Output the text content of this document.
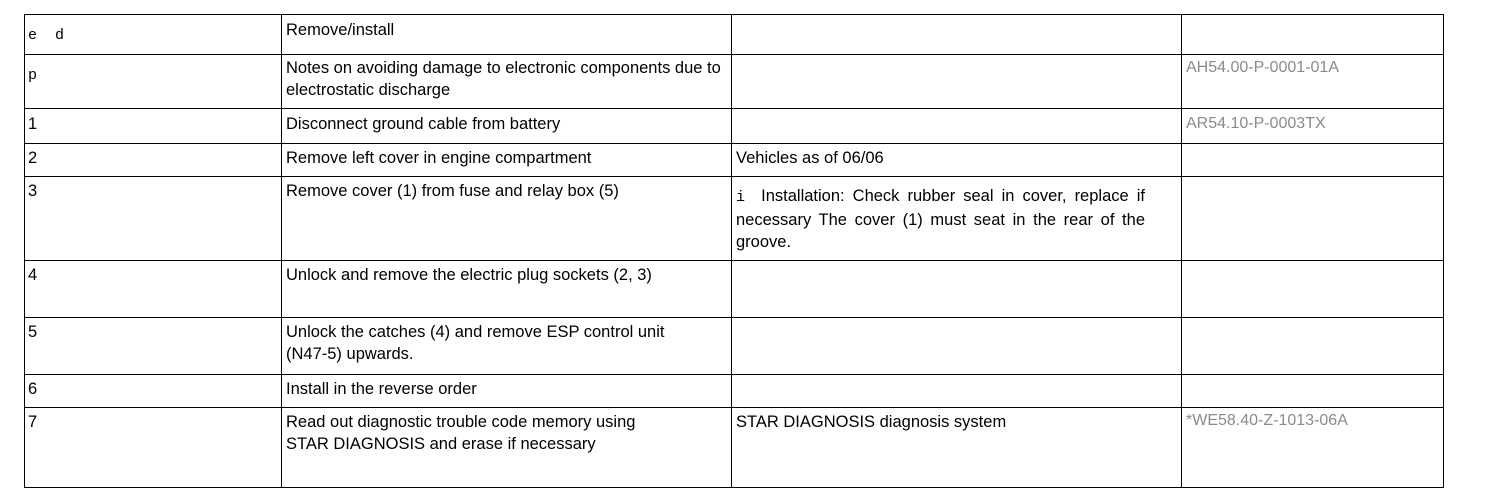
e  d	Remove/install		

p	Notes on avoiding damage to electronic components due to electrostatic discharge		AH54.00-P-0001-01A

1	Disconnect ground cable from battery		AR54.10-P-0003TX

2	Remove left cover in engine compartment	Vehicles as of 06/06	

3	Remove cover (1) from fuse and relay box (5)	i Installation: Check rubber seal in cover, replace if necessary The cover (1) must seat in the rear of the groove.	

4	Unlock and remove the electric plug sockets (2, 3)		

5	Unlock the catches (4) and remove ESP control unit (N47-5) upwards.		

6	Install in the reverse order		

7	Read out diagnostic trouble code memory using STAR DIAGNOSIS and erase if necessary	STAR DIAGNOSIS diagnosis system	*WE58.40-Z-1013-06A
